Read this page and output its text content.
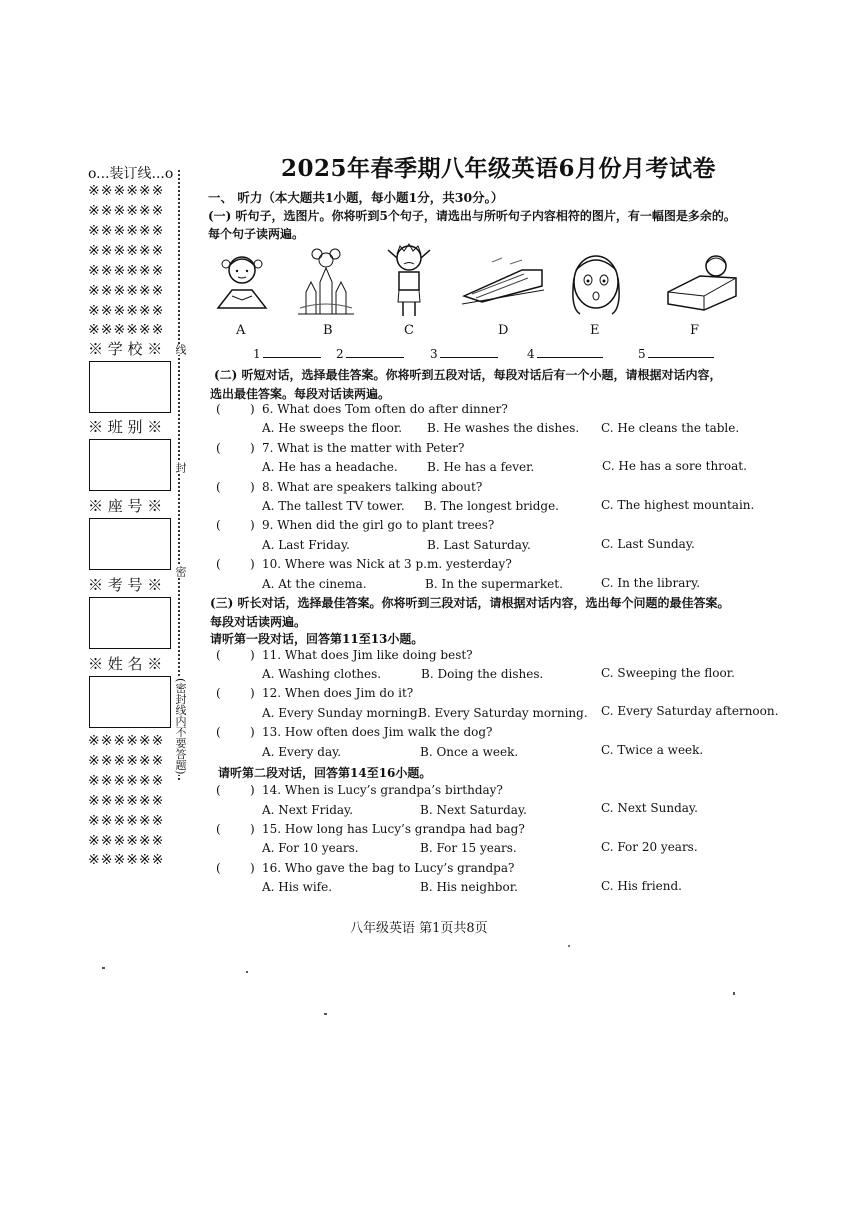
o...装订线...o
※※※※※※
※※※※※※
※※※※※※
※※※※※※
※※※※※※
※※※※※※
※※※※※※
※※※※※※
※ 学 校 ※
※ 班 别 ※
※ 座 号 ※
※ 考 号 ※
※ 姓 名 ※
※※※※※※
※※※※※※
※※※※※※
※※※※※※
※※※※※※
※※※※※※
※※※※※※
线
封
密
(密封线内不要答题)
2025年春季期八年级英语6月份月考试卷
一、 听力（本大题共1小题，每小题1分，共30分。）
(一) 听句子，选图片。你将听到5个句子，请选出与所听句子内容相符的图片，有一幅图是多余的。
每个句子读两遍。
A	B	C	D	E	F
1	2	3	4	5
(二) 听短对话，选择最佳答案。你将听到五段对话，每段对话后有一个小题，请根据对话内容，
选出最佳答案。每段对话读两遍。
( ) 6. What does Tom often do after dinner?
A. He sweeps the floor. B. He washes the dishes. C. He cleans the table.
( ) 7. What is the matter with Peter?
A. He has a headache. B. He has a fever.	C. He has a sore throat.
( ) 8. What are speakers talking about?
A. The tallest TV tower. B. The longest bridge.	C. The highest mountain.
( ) 9. When did the girl go to plant trees?
A. Last Friday.	B. Last Saturday.	C. Last Sunday.
( ) 10. Where was Nick at 3 p.m. yesterday?
A. At the cinema.	B. In the supermarket.	C. In the library.
(三) 听长对话，选择最佳答案。你将听到三段对话，请根据对话内容，选出每个问题的最佳答案。
每段对话读两遍。
请听第一段对话，回答第11至13小题。
( ) 11. What does Jim like doing best?
A. Washing clothes.	B. Doing the dishes.	C. Sweeping the floor.
( ) 12. When does Jim do it?
A. Every Sunday morning.
B. Every Saturday morning. C. Every Saturday afternoon.
( ) 13. How often does Jim walk the dog?
A. Every day.	B. Once a week.	C. Twice a week.
请听第二段对话，回答第14至16小题。
( ) 14. When is Lucy’s grandpa’s birthday?
A. Next Friday.	B. Next Saturday.	C. Next Sunday.
( ) 15. How long has Lucy’s grandpa had bag?
A. For 10 years.	B. For 15 years.	C. For 20 years.
( ) 16. Who gave the bag to Lucy’s grandpa?
A. His wife.	B. His neighbor.	C. His friend.
八年级英语 第1页共8页
